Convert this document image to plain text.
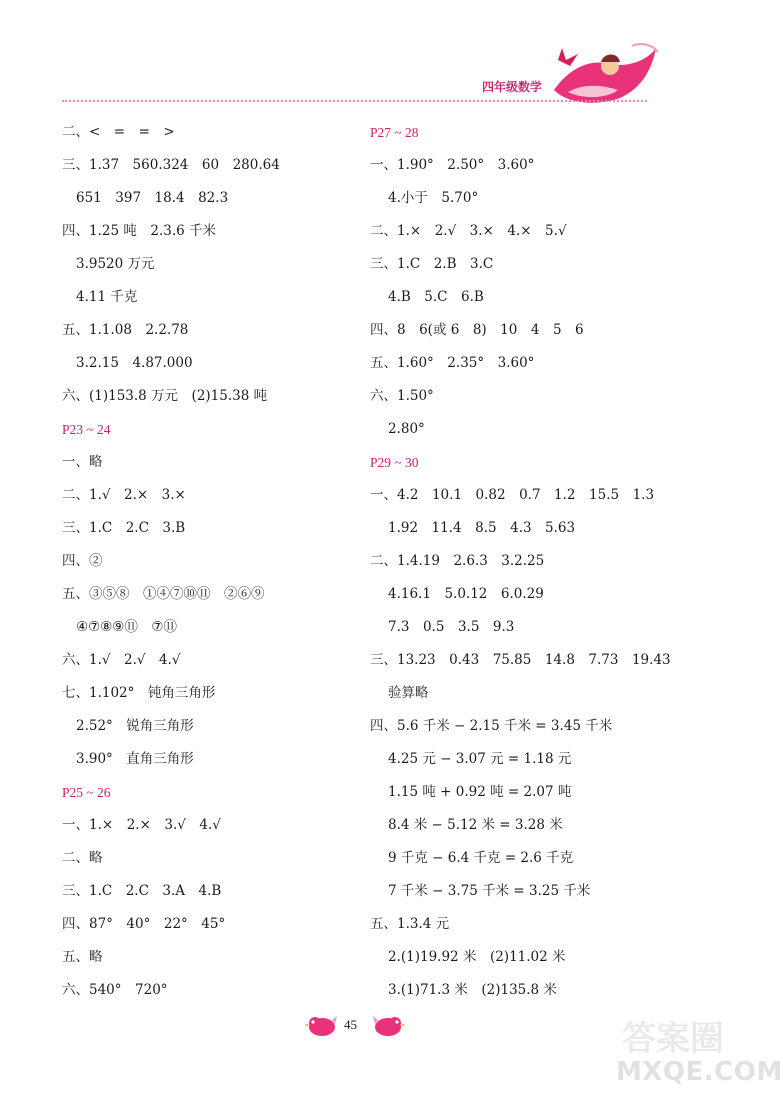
四年级数学
二、<　=　=　>
三、1.37　560.324　60　280.64
651　397　18.4　82.3
四、1.25 吨　2.3.6 千米
3.9520 万元
4.11 千克
五、1.1.08　2.2.78
3.2.15　4.87.000
六、(1)153.8 万元　(2)15.38 吨
P23 ~ 24
一、略
二、1.√　2.×　3.×
三、1.C　2.C　3.B
四、②
五、③⑤⑧　①④⑦⑩⑪　②⑥⑨
④⑦⑧⑨⑪　⑦⑪
六、1.√　2.√　4.√
七、1.102°　钝角三角形
2.52°　锐角三角形
3.90°　直角三角形
P25 ~ 26
一、1.×　2.×　3.√　4.√
二、略
三、1.C　2.C　3.A　4.B
四、87°　40°　22°　45°
五、略
六、540°　720°
P27 ~ 28
一、1.90°　2.50°　3.60°
4.小于　5.70°
二、1.×　2.√　3.×　4.×　5.√
三、1.C　2.B　3.C
4.B　5.C　6.B
四、8　6(或 6　8)　10　4　5　6
五、1.60°　2.35°　3.60°
六、1.50°
2.80°
P29 ~ 30
一、4.2　10.1　0.82　0.7　1.2　15.5　1.3
1.92　11.4　8.5　4.3　5.63
二、1.4.19　2.6.3　3.2.25
4.16.1　5.0.12　6.0.29
7.3　0.5　3.5　9.3
三、13.23　0.43　75.85　14.8　7.73　19.43
验算略
四、5.6 千米 − 2.15 千米 = 3.45 千米
4.25 元 − 3.07 元 = 1.18 元
1.15 吨 + 0.92 吨 = 2.07 吨
8.4 米 − 5.12 米 = 3.28 米
9 千克 − 6.4 千克 = 2.6 千克
7 千米 − 3.75 千米 = 3.25 千米
五、1.3.4 元
2.(1)19.92 米　(2)11.02 米
3.(1)71.3 米　(2)135.8 米
45	答案圈
MXQE.COM
